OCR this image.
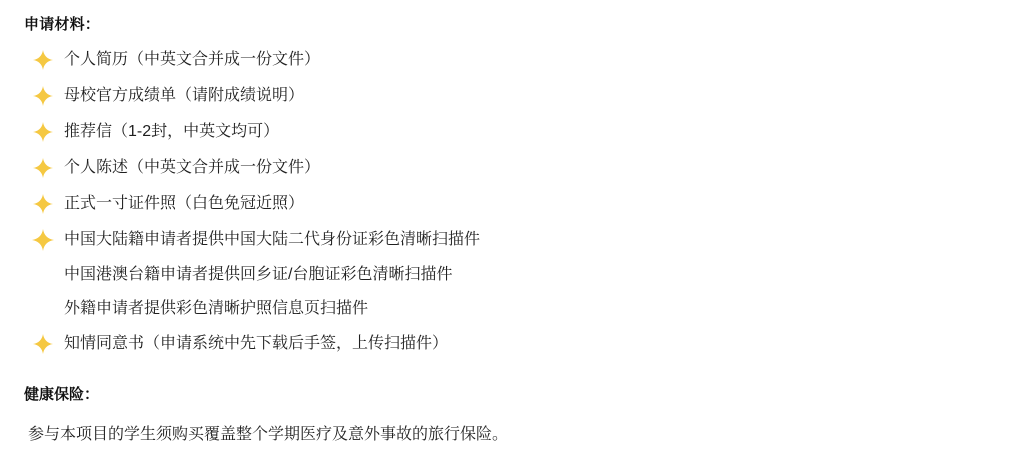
申请材料：
个人简历（中英文合并成一份文件）
母校官方成绩单（请附成绩说明）
推荐信（1-2封，中英文均可）
个人陈述（中英文合并成一份文件）
正式一寸证件照（白色免冠近照）
中国大陆籍申请者提供中国大陆二代身份证彩色清晰扫描件
中国港澳台籍申请者提供回乡证/台胞证彩色清晰扫描件
外籍申请者提供彩色清晰护照信息页扫描件
知情同意书（申请系统中先下载后手签，上传扫描件）
健康保险：

参与本项目的学生须购买覆盖整个学期医疗及意外事故的旅行保险。
